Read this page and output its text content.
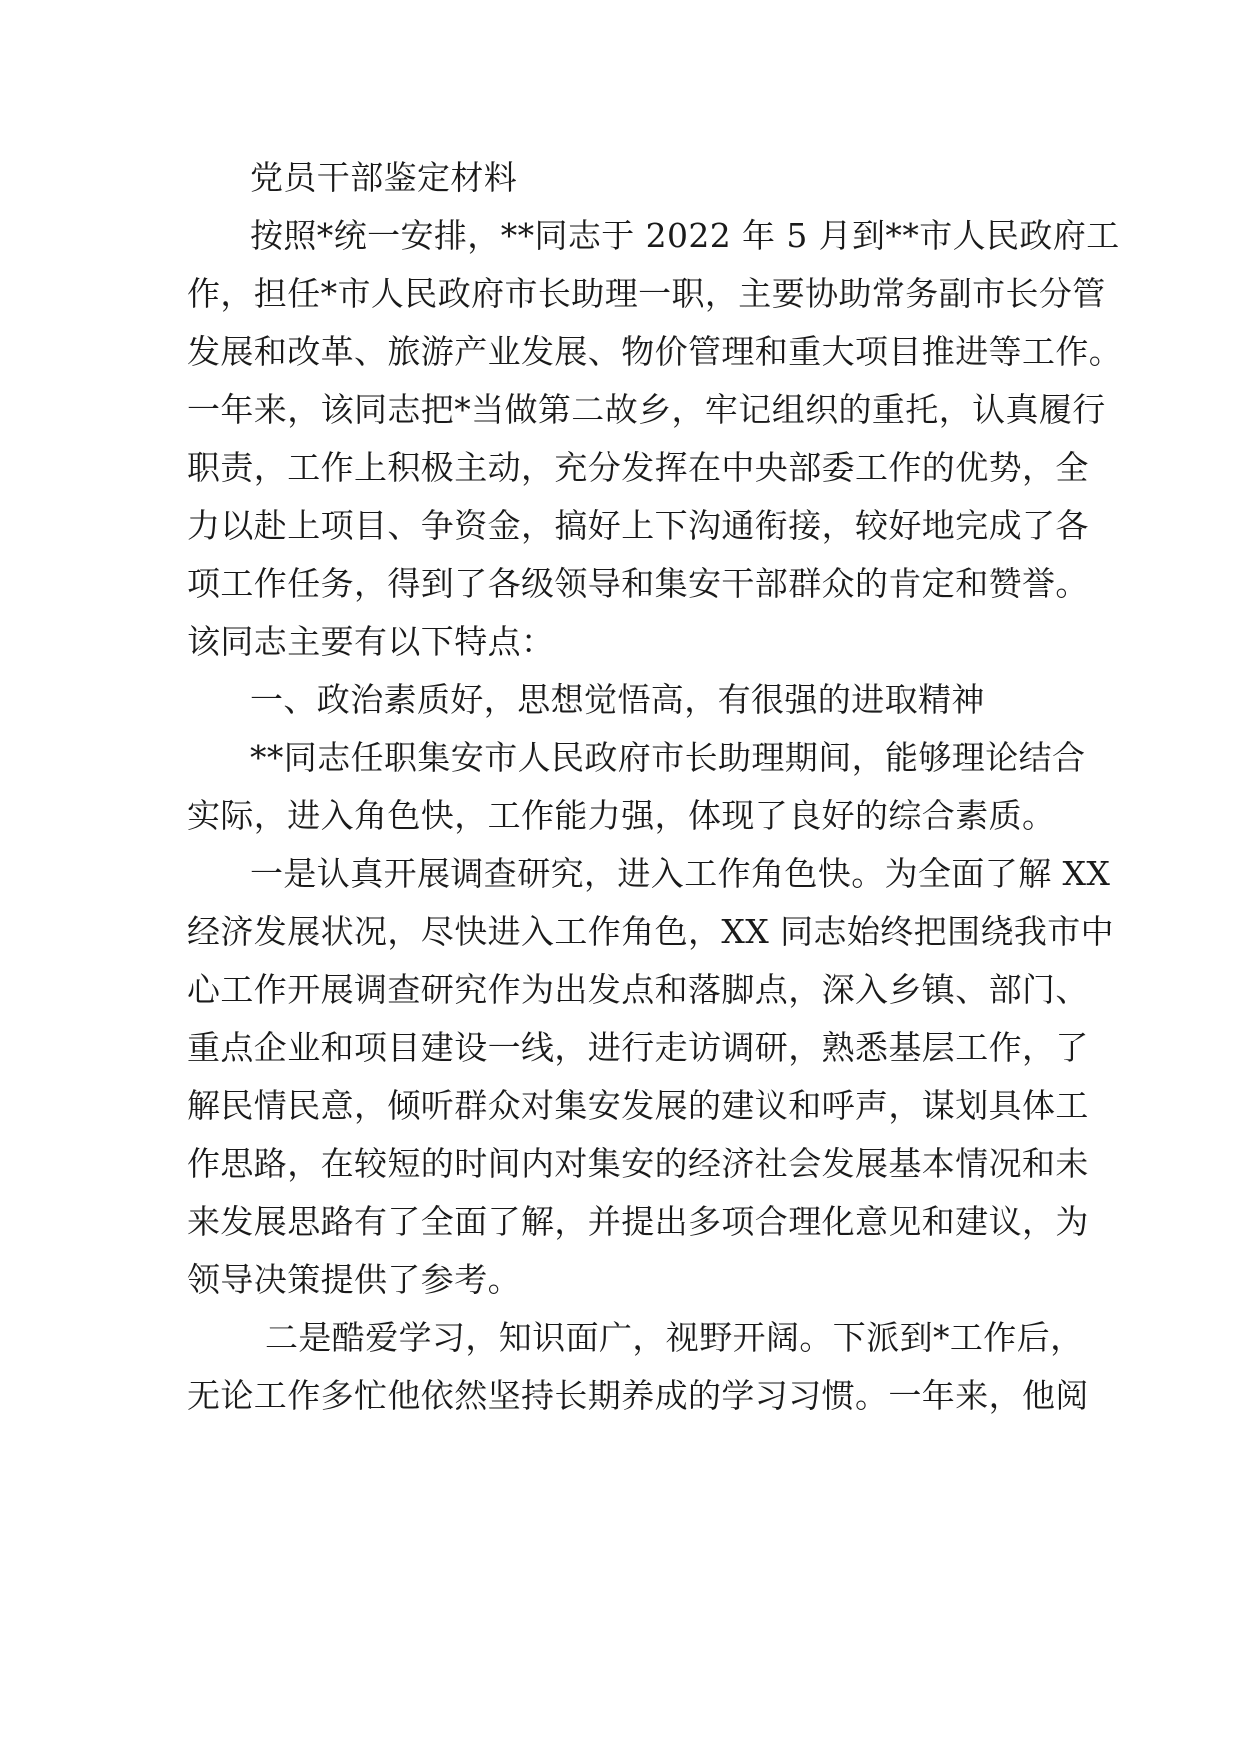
党员干部鉴定材料

按照*统一安排，**同志于 2022 年 5 月到**市人民政府工

作，担任*市人民政府市长助理一职，主要协助常务副市长分管

发展和改革、旅游产业发展、物价管理和重大项目推进等工作。

一年来，该同志把*当做第二故乡，牢记组织的重托，认真履行

职责，工作上积极主动，充分发挥在中央部委工作的优势，全

力以赴上项目、争资金，搞好上下沟通衔接，较好地完成了各

项工作任务，得到了各级领导和集安干部群众的肯定和赞誉。

该同志主要有以下特点：

一、政治素质好，思想觉悟高，有很强的进取精神

**同志任职集安市人民政府市长助理期间，能够理论结合

实际，进入角色快，工作能力强，体现了良好的综合素质。

一是认真开展调查研究，进入工作角色快。为全面了解 XX

经济发展状况，尽快进入工作角色，XX 同志始终把围绕我市中

心工作开展调查研究作为出发点和落脚点，深入乡镇、部门、

重点企业和项目建设一线，进行走访调研，熟悉基层工作，了

解民情民意，倾听群众对集安发展的建议和呼声，谋划具体工

作思路，在较短的时间内对集安的经济社会发展基本情况和未

来发展思路有了全面了解，并提出多项合理化意见和建议，为

领导决策提供了参考。

二是酷爱学习，知识面广，视野开阔。下派到*工作后，

无论工作多忙他依然坚持长期养成的学习习惯。一年来，他阅
